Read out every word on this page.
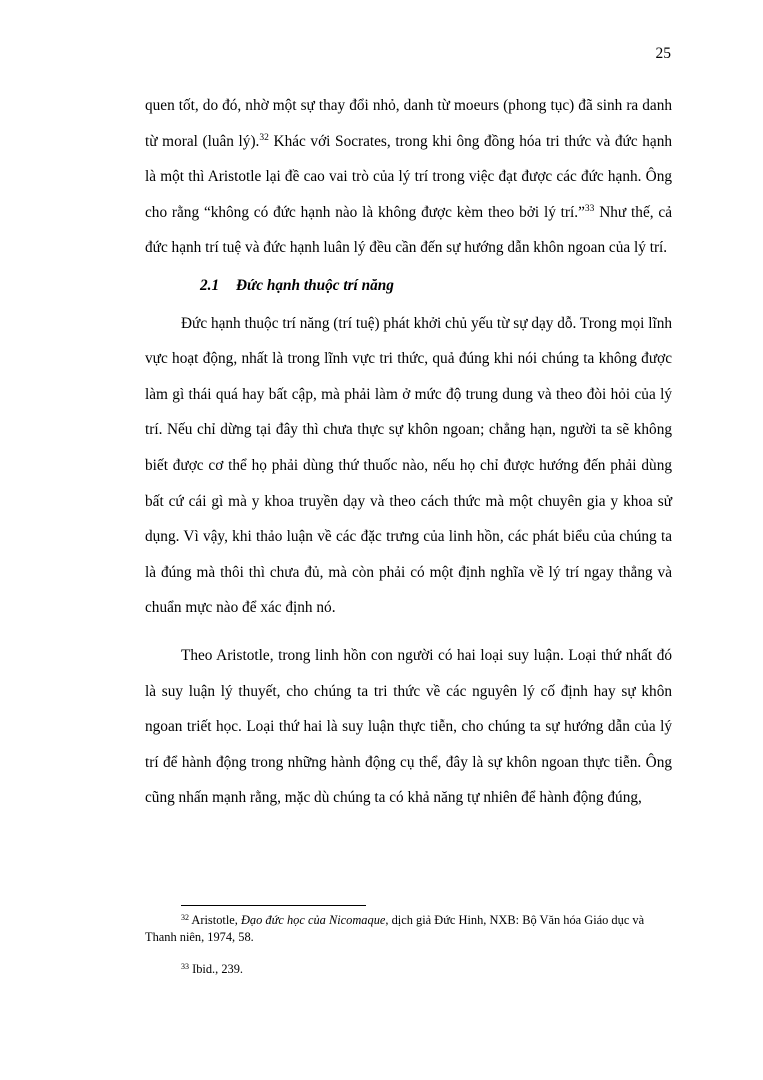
25

quen tốt, do đó, nhờ một sự thay đổi nhỏ, danh từ moeurs (phong tục) đã sinh ra danh từ moral (luân lý).$^{32}$ Khác với Socrates, trong khi ông đồng hóa tri thức và đức hạnh là một thì Aristotle lại đề cao vai trò của lý trí trong việc đạt được các đức hạnh. Ông cho rằng “không có đức hạnh nào là không được kèm theo bởi lý trí.”$^{33}$ Như thế, cả đức hạnh trí tuệ và đức hạnh luân lý đều cần đến sự hướng dẫn khôn ngoan của lý trí.

2.1 Đức hạnh thuộc trí năng

Đức hạnh thuộc trí năng (trí tuệ) phát khởi chủ yếu từ sự dạy dỗ. Trong mọi lĩnh vực hoạt động, nhất là trong lĩnh vực tri thức, quả đúng khi nói chúng ta không được làm gì thái quá hay bất cập, mà phải làm ở mức độ trung dung và theo đòi hỏi của lý trí. Nếu chỉ dừng tại đây thì chưa thực sự khôn ngoan; chẳng hạn, người ta sẽ không biết được cơ thể họ phải dùng thứ thuốc nào, nếu họ chỉ được hướng đến phải dùng bất cứ cái gì mà y khoa truyền dạy và theo cách thức mà một chuyên gia y khoa sử dụng. Vì vậy, khi thảo luận về các đặc trưng của linh hồn, các phát biểu của chúng ta là đúng mà thôi thì chưa đủ, mà còn phải có một định nghĩa về lý trí ngay thẳng và chuẩn mực nào để xác định nó.

Theo Aristotle, trong linh hồn con người có hai loại suy luận. Loại thứ nhất đó là suy luận lý thuyết, cho chúng ta tri thức về các nguyên lý cố định hay sự khôn ngoan triết học. Loại thứ hai là suy luận thực tiễn, cho chúng ta sự hướng dẫn của lý trí để hành động trong những hành động cụ thể, đây là sự khôn ngoan thực tiễn. Ông cũng nhấn mạnh rằng, mặc dù chúng ta có khả năng tự nhiên để hành động đúng,

$^{32}$ Aristotle, Đạo đức học của Nicomaque, dịch giả Đức Hinh, NXB: Bộ Văn hóa Giáo dục và Thanh niên, 1974, 58.

$^{33}$ Ibid., 239.
